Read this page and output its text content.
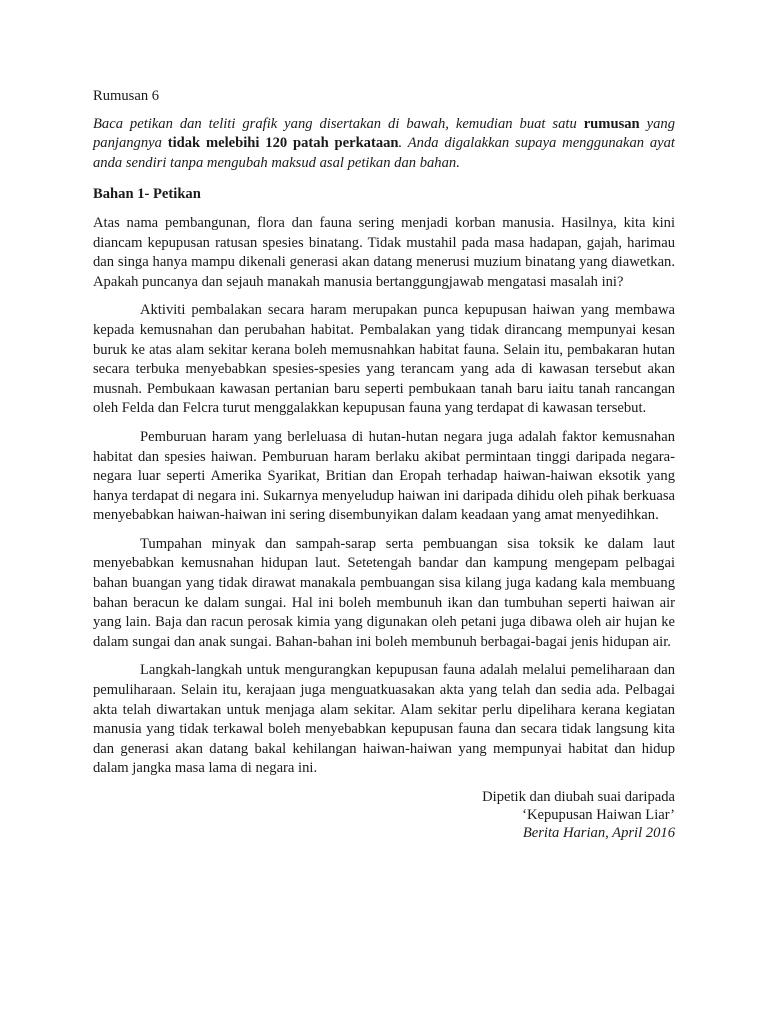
Rumusan 6
Baca petikan dan teliti grafik yang disertakan di bawah, kemudian buat satu rumusan yang panjangnya tidak melebihi 120 patah perkataan. Anda digalakkan supaya menggunakan ayat anda sendiri tanpa mengubah maksud asal petikan dan bahan.
Bahan 1- Petikan

Atas nama pembangunan, flora dan fauna sering menjadi korban manusia. Hasilnya, kita kini diancam kepupusan ratusan spesies binatang. Tidak mustahil pada masa hadapan, gajah, harimau dan singa hanya mampu dikenali generasi akan datang menerusi muzium binatang yang diawetkan. Apakah puncanya dan sejauh manakah manusia bertanggungjawab mengatasi masalah ini?

Aktiviti pembalakan secara haram merupakan punca kepupusan haiwan yang membawa kepada kemusnahan dan perubahan habitat. Pembalakan yang tidak dirancang mempunyai kesan buruk ke atas alam sekitar kerana boleh memusnahkan habitat fauna. Selain itu, pembakaran hutan secara terbuka menyebabkan spesies-spesies yang terancam yang ada di kawasan tersebut akan musnah. Pembukaan kawasan pertanian baru seperti pembukaan tanah baru iaitu tanah rancangan oleh Felda dan Felcra turut menggalakkan kepupusan fauna yang terdapat di kawasan tersebut.

Pemburuan haram yang berleluasa di hutan-hutan negara juga adalah faktor kemusnahan habitat dan spesies haiwan. Pemburuan haram berlaku akibat permintaan tinggi daripada negara-negara luar seperti Amerika Syarikat, Britian dan Eropah terhadap haiwan-haiwan eksotik yang hanya terdapat di negara ini. Sukarnya menyeludup haiwan ini daripada dihidu oleh pihak berkuasa menyebabkan haiwan-haiwan ini sering disembunyikan dalam keadaan yang amat menyedihkan.

Tumpahan minyak dan sampah-sarap serta pembuangan sisa toksik ke dalam laut menyebabkan kemusnahan hidupan laut. Setetengah bandar dan kampung mengepam pelbagai bahan buangan yang tidak dirawat manakala pembuangan sisa kilang juga kadang kala membuang bahan beracun ke dalam sungai. Hal ini boleh membunuh ikan dan tumbuhan seperti haiwan air yang lain. Baja dan racun perosak kimia yang digunakan oleh petani juga dibawa oleh air hujan ke dalam sungai dan anak sungai. Bahan-bahan ini boleh membunuh berbagai-bagai jenis hidupan air.

Langkah-langkah untuk mengurangkan kepupusan fauna adalah melalui pemeliharaan dan pemuliharaan. Selain itu, kerajaan juga menguatkuasakan akta yang telah dan sedia ada. Pelbagai akta telah diwartakan untuk menjaga alam sekitar. Alam sekitar perlu dipelihara kerana kegiatan manusia yang tidak terkawal boleh menyebabkan kepupusan fauna dan secara tidak langsung kita dan generasi akan datang bakal kehilangan haiwan-haiwan yang mempunyai habitat dan hidup dalam jangka masa lama di negara ini.

Dipetik dan diubah suai daripada
‘Kepupusan Haiwan Liar’
Berita Harian, April 2016
